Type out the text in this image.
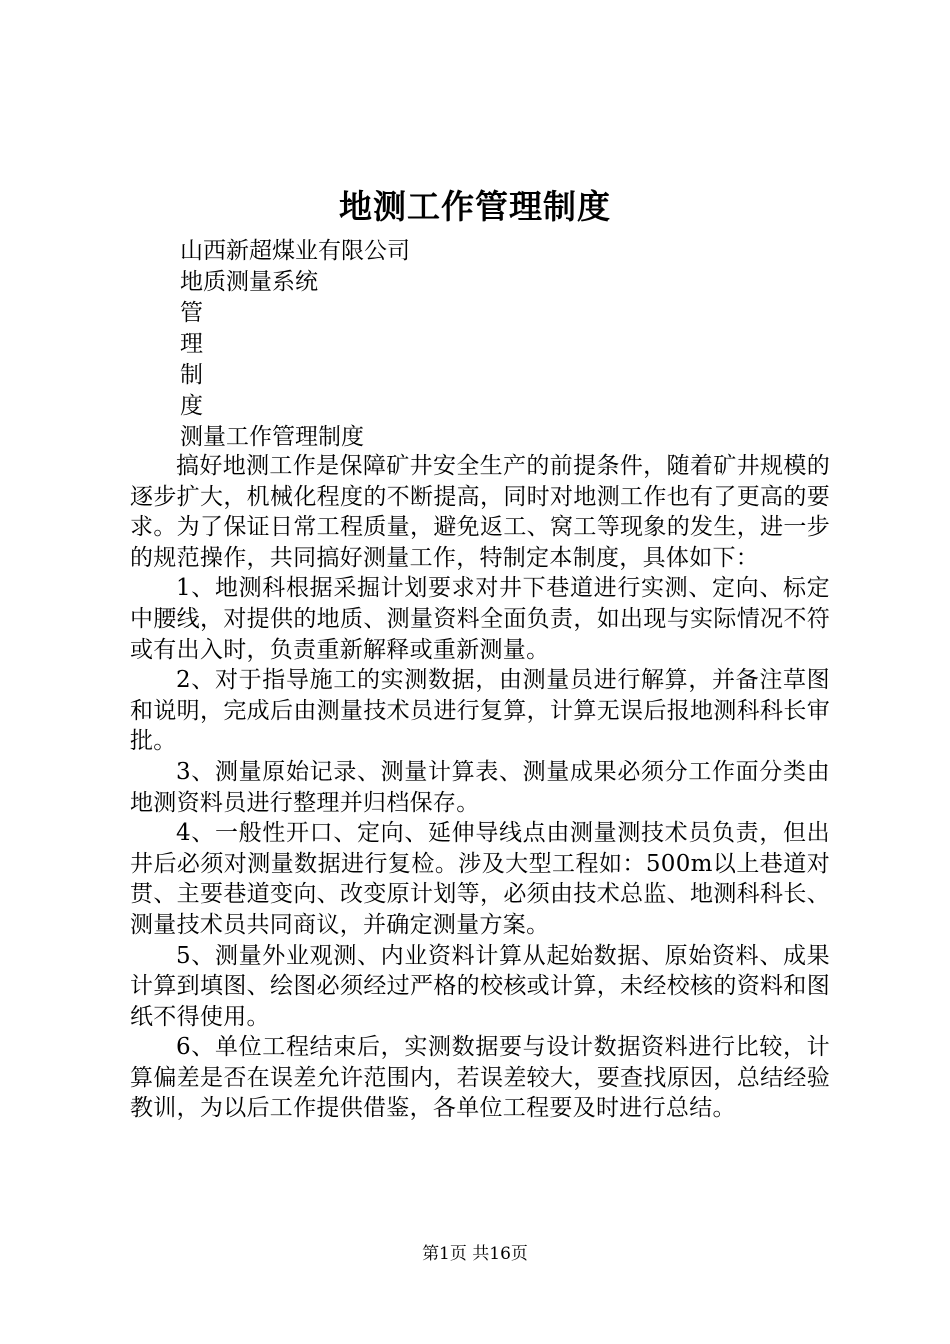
地测工作管理制度
山西新超煤业有限公司
地质测量系统
管
理
制
度
测量工作管理制度

搞好地测工作是保障矿井安全生产的前提条件，随着矿井规模的逐步扩大，机械化程度的不断提高，同时对地测工作也有了更高的要求。为了保证日常工程质量，避免返工、窝工等现象的发生，进一步的规范操作，共同搞好测量工作，特制定本制度，具体如下：

1、地测科根据采掘计划要求对井下巷道进行实测、定向、标定中腰线，对提供的地质、测量资料全面负责，如出现与实际情况不符或有出入时，负责重新解释或重新测量。

2、对于指导施工的实测数据，由测量员进行解算，并备注草图和说明，完成后由测量技术员进行复算，计算无误后报地测科科长审批。

3、测量原始记录、测量计算表、测量成果必须分工作面分类由地测资料员进行整理并归档保存。

4、一般性开口、定向、延伸导线点由测量测技术员负责，但出井后必须对测量数据进行复检。涉及大型工程如：500m以上巷道对贯、主要巷道变向、改变原计划等，必须由技术总监、地测科科长、测量技术员共同商议，并确定测量方案。

5、测量外业观测、内业资料计算从起始数据、原始资料、成果计算到填图、绘图必须经过严格的校核或计算，未经校核的资料和图纸不得使用。

6、单位工程结束后，实测数据要与设计数据资料进行比较，计算偏差是否在误差允许范围内，若误差较大，要查找原因，总结经验教训，为以后工作提供借鉴，各单位工程要及时进行总结。

第1页 共16页
